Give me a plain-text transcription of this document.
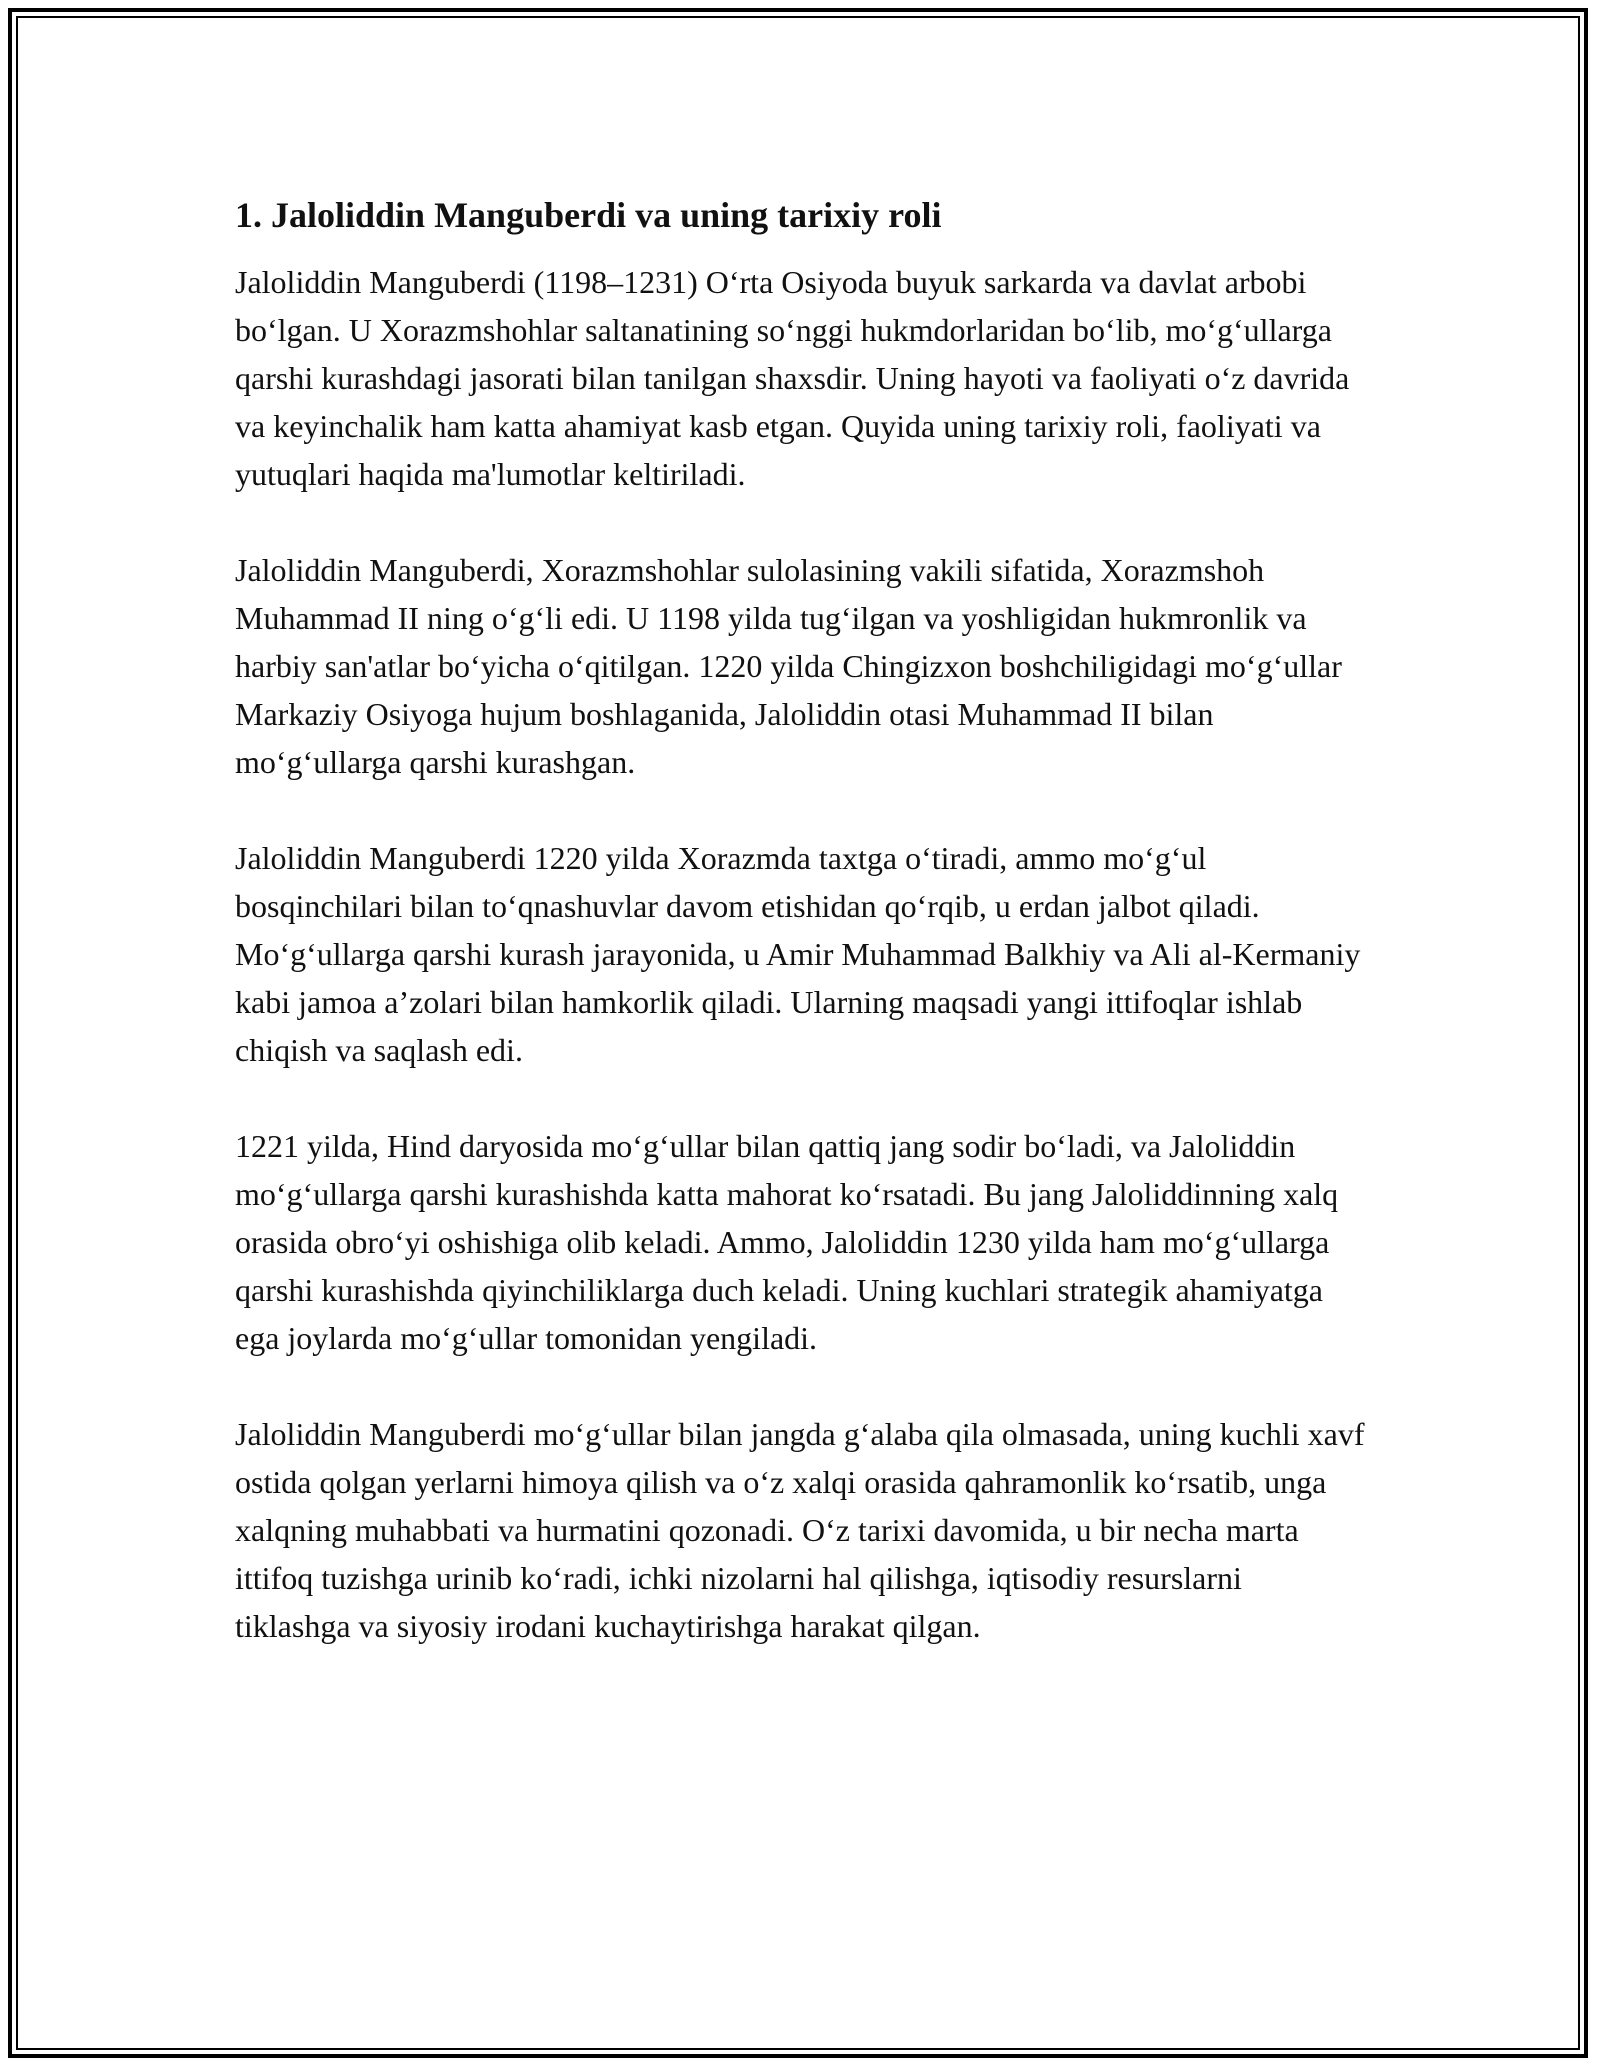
1. Jaloliddin Manguberdi va uning tarixiy roli

Jaloliddin Manguberdi (1198–1231) O‘rta Osiyoda buyuk sarkarda va davlat arbobi bo‘lgan. U Xorazmshohlar saltanatining so‘nggi hukmdorlaridan bo‘lib, mo‘g‘ullarga qarshi kurashdagi jasorati bilan tanilgan shaxsdir. Uning hayoti va faoliyati o‘z davrida va keyinchalik ham katta ahamiyat kasb etgan. Quyida uning tarixiy roli, faoliyati va yutuqlari haqida ma'lumotlar keltiriladi.

Jaloliddin Manguberdi, Xorazmshohlar sulolasining vakili sifatida, Xorazmshoh Muhammad II ning o‘g‘li edi. U 1198 yilda tug‘ilgan va yoshligidan hukmronlik va harbiy san'atlar bo‘yicha o‘qitilgan. 1220 yilda Chingizxon boshchiligidagi mo‘g‘ullar Markaziy Osiyoga hujum boshlaganida, Jaloliddin otasi Muhammad II bilan mo‘g‘ullarga qarshi kurashgan.

Jaloliddin Manguberdi 1220 yilda Xorazmda taxtga o‘tiradi, ammo mo‘g‘ul bosqinchilari bilan to‘qnashuvlar davom etishidan qo‘rqib, u erdan jalbot qiladi. Mo‘g‘ullarga qarshi kurash jarayonida, u Amir Muhammad Balkhiy va Ali al-Kermaniy kabi jamoa a’zolari bilan hamkorlik qiladi. Ularning maqsadi yangi ittifoqlar ishlab chiqish va saqlash edi.

1221 yilda, Hind daryosida mo‘g‘ullar bilan qattiq jang sodir bo‘ladi, va Jaloliddin mo‘g‘ullarga qarshi kurashishda katta mahorat ko‘rsatadi. Bu jang Jaloliddinning xalq orasida obro‘yi oshishiga olib keladi. Ammo, Jaloliddin 1230 yilda ham mo‘g‘ullarga qarshi kurashishda qiyinchiliklarga duch keladi. Uning kuchlari strategik ahamiyatga ega joylarda mo‘g‘ullar tomonidan yengiladi.

Jaloliddin Manguberdi mo‘g‘ullar bilan jangda g‘alaba qila olmasada, uning kuchli xavf ostida qolgan yerlarni himoya qilish va o‘z xalqi orasida qahramonlik ko‘rsatib, unga xalqning muhabbati va hurmatini qozonadi. O‘z tarixi davomida, u bir necha marta ittifoq tuzishga urinib ko‘radi, ichki nizolarni hal qilishga, iqtisodiy resurslarni tiklashga va siyosiy irodani kuchaytirishga harakat qilgan.
